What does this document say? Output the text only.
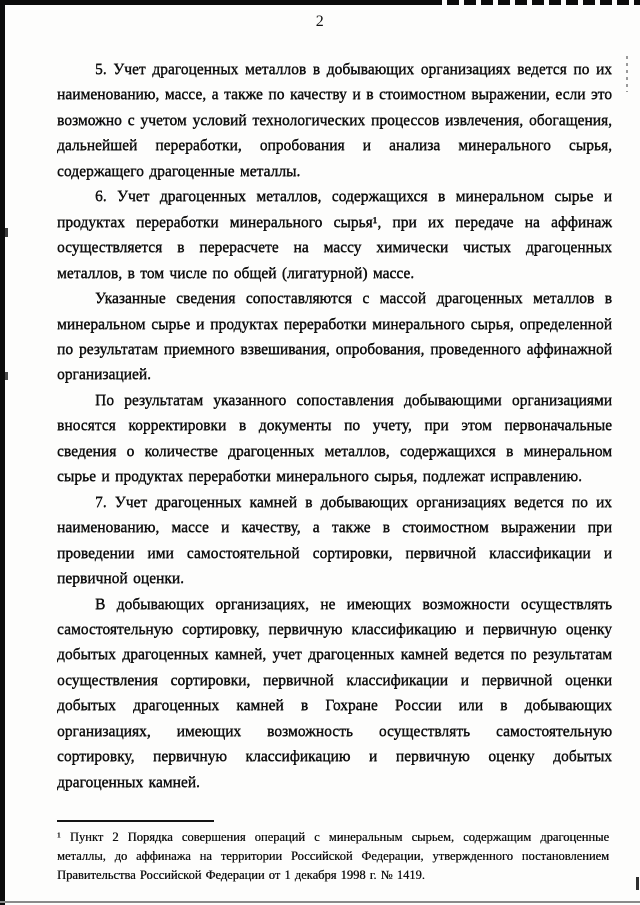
2

5. Учет драгоценных металлов в добывающих организациях ведется по их наименованию, массе, а также по качеству и в стоимостном выражении, если это возможно с учетом условий технологических процессов извлечения, обогащения, дальнейшей переработки, опробования и анализа минерального сырья, содержащего драгоценные металлы.

6. Учет драгоценных металлов, содержащихся в минеральном сырье и продуктах переработки минерального сырья¹, при их передаче на аффинаж осуществляется в перерасчете на массу химически чистых драгоценных металлов, в том числе по общей (лигатурной) массе.

Указанные сведения сопоставляются с массой драгоценных металлов в минеральном сырье и продуктах переработки минерального сырья, определенной по результатам приемного взвешивания, опробования, проведенного аффинажной организацией.

По результатам указанного сопоставления добывающими организациями вносятся корректировки в документы по учету, при этом первоначальные сведения о количестве драгоценных металлов, содержащихся в минеральном сырье и продуктах переработки минерального сырья, подлежат исправлению.

7. Учет драгоценных камней в добывающих организациях ведется по их наименованию, массе и качеству, а также в стоимостном выражении при проведении ими самостоятельной сортировки, первичной классификации и первичной оценки.

В добывающих организациях, не имеющих возможности осуществлять самостоятельную сортировку, первичную классификацию и первичную оценку добытых драгоценных камней, учет драгоценных камней ведется по результатам осуществления сортировки, первичной классификации и первичной оценки добытых драгоценных камней в Гохране России или в добывающих организациях, имеющих возможность осуществлять самостоятельную сортировку, первичную классификацию и первичную оценку добытых драгоценных камней.

¹ Пункт 2 Порядка совершения операций с минеральным сырьем, содержащим драгоценные металлы, до аффинажа на территории Российской Федерации, утвержденного постановлением Правительства Российской Федерации от 1 декабря 1998 г. № 1419.
